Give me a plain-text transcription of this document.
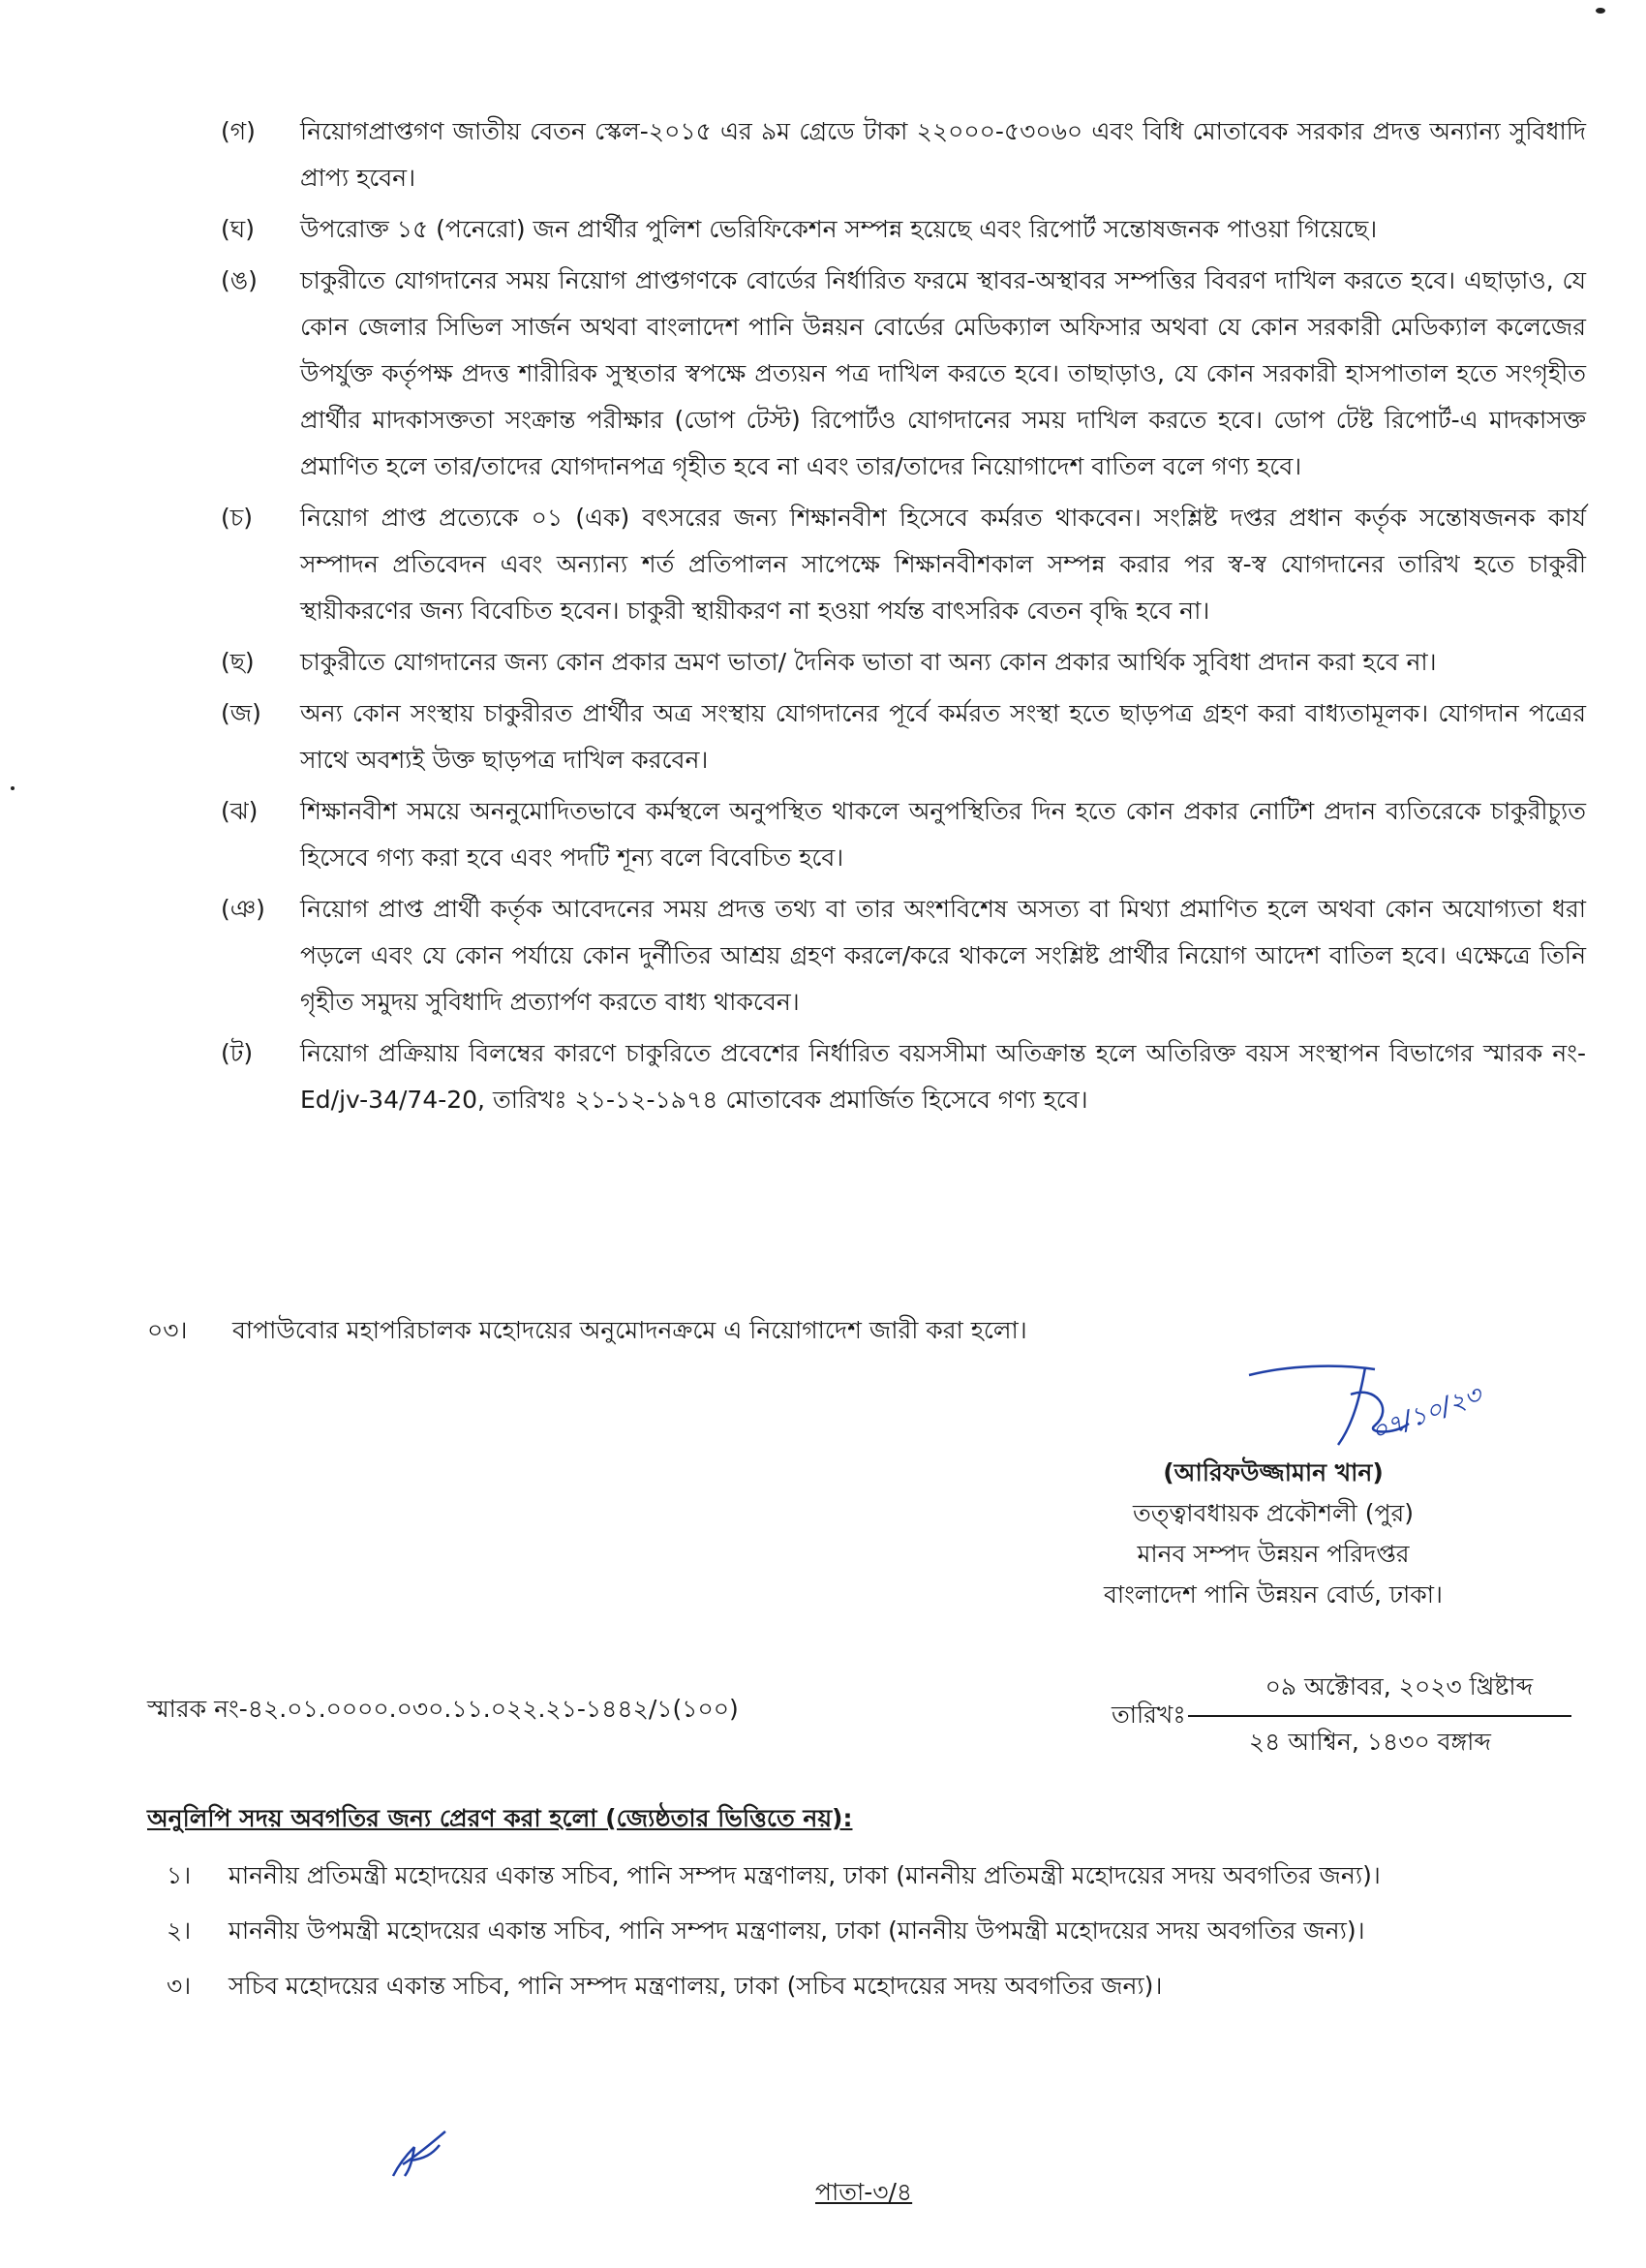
(গ)	নিয়োগপ্রাপ্তগণ জাতীয় বেতন স্কেল-২০১৫ এর ৯ম গ্রেডে টাকা ২২০০০-৫৩০৬০ এবং বিধি মোতাবেক সরকার প্রদত্ত অন্যান্য সুবিধাদি প্রাপ্য হবেন।
(ঘ)	উপরোক্ত ১৫ (পনেরো) জন প্রার্থীর পুলিশ ভেরিফিকেশন সম্পন্ন হয়েছে এবং রিপোর্ট সন্তোষজনক পাওয়া গিয়েছে।
(ঙ)	চাকুরীতে যোগদানের সময় নিয়োগ প্রাপ্তগণকে বোর্ডের নির্ধারিত ফরমে স্থাবর-অস্থাবর সম্পত্তির বিবরণ দাখিল করতে হবে। এছাড়াও, যে কোন জেলার সিভিল সার্জন অথবা বাংলাদেশ পানি উন্নয়ন বোর্ডের মেডিক্যাল অফিসার অথবা যে কোন সরকারী মেডিক্যাল কলেজের উপর্যুক্ত কর্তৃপক্ষ প্রদত্ত শারীরিক সুস্থতার স্বপক্ষে প্রত্যয়ন পত্র দাখিল করতে হবে। তাছাড়াও, যে কোন সরকারী হাসপাতাল হতে সংগৃহীত প্রার্থীর মাদকাসক্ততা সংক্রান্ত পরীক্ষার (ডোপ টেস্ট) রিপোর্টও যোগদানের সময় দাখিল করতে হবে। ডোপ টেষ্ট রিপোর্ট-এ মাদকাসক্ত প্রমাণিত হলে তার/তাদের যোগদানপত্র গৃহীত হবে না এবং তার/তাদের নিয়োগাদেশ বাতিল বলে গণ্য হবে।
(চ)	নিয়োগ প্রাপ্ত প্রত্যেকে ০১ (এক) বৎসরের জন্য শিক্ষানবীশ হিসেবে কর্মরত থাকবেন। সংশ্লিষ্ট দপ্তর প্রধান কর্তৃক সন্তোষজনক কার্য সম্পাদন প্রতিবেদন এবং অন্যান্য শর্ত প্রতিপালন সাপেক্ষে শিক্ষানবীশকাল সম্পন্ন করার পর স্ব-স্ব যোগদানের তারিখ হতে চাকুরী স্থায়ীকরণের জন্য বিবেচিত হবেন। চাকুরী স্থায়ীকরণ না হওয়া পর্যন্ত বাৎসরিক বেতন বৃদ্ধি হবে না।
(ছ)	চাকুরীতে যোগদানের জন্য কোন প্রকার ভ্রমণ ভাতা/ দৈনিক ভাতা বা অন্য কোন প্রকার আর্থিক সুবিধা প্রদান করা হবে না।
(জ)	অন্য কোন সংস্থায় চাকুরীরত প্রার্থীর অত্র সংস্থায় যোগদানের পূর্বে কর্মরত সংস্থা হতে ছাড়পত্র গ্রহণ করা বাধ্যতামূলক। যোগদান পত্রের সাথে অবশ্যই উক্ত ছাড়পত্র দাখিল করবেন।
(ঝ)	শিক্ষানবীশ সময়ে অননুমোদিতভাবে কর্মস্থলে অনুপস্থিত থাকলে অনুপস্থিতির দিন হতে কোন প্রকার নোটিশ প্রদান ব্যতিরেকে চাকুরীচ্যুত হিসেবে গণ্য করা হবে এবং পদটি শূন্য বলে বিবেচিত হবে।
(ঞ)	নিয়োগ প্রাপ্ত প্রার্থী কর্তৃক আবেদনের সময় প্রদত্ত তথ্য বা তার অংশবিশেষ অসত্য বা মিথ্যা প্রমাণিত হলে অথবা কোন অযোগ্যতা ধরা পড়লে এবং যে কোন পর্যায়ে কোন দুর্নীতির আশ্রয় গ্রহণ করলে/করে থাকলে সংশ্লিষ্ট প্রার্থীর নিয়োগ আদেশ বাতিল হবে। এক্ষেত্রে তিনি গৃহীত সমুদয় সুবিধাদি প্রত্যার্পণ করতে বাধ্য থাকবেন।
(ট)	নিয়োগ প্রক্রিয়ায় বিলম্বের কারণে চাকুরিতে প্রবেশের নির্ধারিত বয়সসীমা অতিক্রান্ত হলে অতিরিক্ত বয়স সংস্থাপন বিভাগের স্মারক নং-Ed/jv-34/74-20, তারিখঃ ২১-১২-১৯৭৪ মোতাবেক প্রমার্জিত হিসেবে গণ্য হবে।
০৩।	বাপাউবোর মহাপরিচালক মহোদয়ের অনুমোদনক্রমে এ নিয়োগাদেশ জারী করা হলো।
০৭/১০/২৩
(আরিফউজ্জামান খান)
তত্ত্বাবধায়ক প্রকৌশলী (পুর)
মানব সম্পদ উন্নয়ন পরিদপ্তর
বাংলাদেশ পানি উন্নয়ন বোর্ড, ঢাকা।
স্মারক নং-৪২.০১.০০০০.০৩০.১১.০২২.২১-১৪৪২/১(১০০)	তারিখঃ
০৯ অক্টোবর, ২০২৩ খ্রিষ্টাব্দ
২৪ আশ্বিন, ১৪৩০ বঙ্গাব্দ
অনুলিপি সদয় অবগতির জন্য প্রেরণ করা হলো (জ্যেষ্ঠতার ভিত্তিতে নয়):
১।	মাননীয় প্রতিমন্ত্রী মহোদয়ের একান্ত সচিব, পানি সম্পদ মন্ত্রণালয়, ঢাকা (মাননীয় প্রতিমন্ত্রী মহোদয়ের সদয় অবগতির জন্য)।
২।	মাননীয় উপমন্ত্রী মহোদয়ের একান্ত সচিব, পানি সম্পদ মন্ত্রণালয়, ঢাকা (মাননীয় উপমন্ত্রী মহোদয়ের সদয় অবগতির জন্য)।
৩।	সচিব মহোদয়ের একান্ত সচিব, পানি সম্পদ মন্ত্রণালয়, ঢাকা (সচিব মহোদয়ের সদয় অবগতির জন্য)।
পাতা-৩/৪
